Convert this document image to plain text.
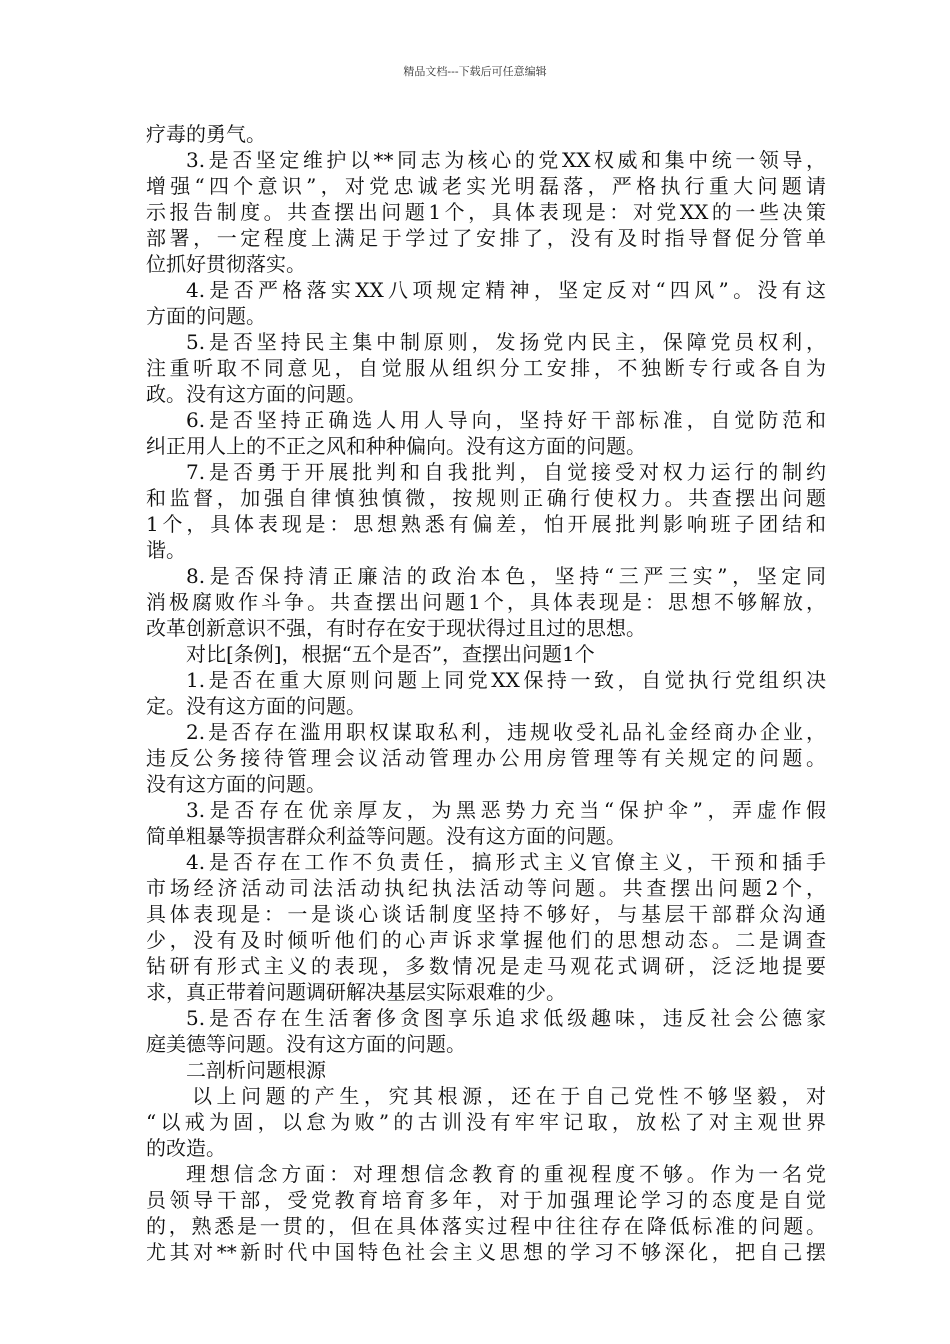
精品文档---下载后可任意编辑
疗毒的勇气。
3.是否坚定维护以**同志为核心的党XX权威和集中统一领导，
增强“四个意识”，对党忠诚老实光明磊落，严格执行重大问题请
示报告制度。共查摆出问题1个，具体表现是：对党XX的一些决策
部署，一定程度上满足于学过了安排了，没有及时指导督促分管单
位抓好贯彻落实。
4.是否严格落实XX八项规定精神，坚定反对“四风”。没有这
方面的问题。
5.是否坚持民主集中制原则，发扬党内民主，保障党员权利，
注重听取不同意见，自觉服从组织分工安排，不独断专行或各自为
政。没有这方面的问题。
6.是否坚持正确选人用人导向，坚持好干部标准，自觉防范和
纠正用人上的不正之风和种种偏向。没有这方面的问题。
7.是否勇于开展批判和自我批判，自觉接受对权力运行的制约
和监督，加强自律慎独慎微，按规则正确行使权力。共查摆出问题
1个，具体表现是：思想熟悉有偏差，怕开展批判影响班子团结和
谐。
8.是否保持清正廉洁的政治本色，坚持“三严三实”，坚定同
消极腐败作斗争。共查摆出问题1个，具体表现是：思想不够解放，
改革创新意识不强，有时存在安于现状得过且过的思想。
对比[条例]，根据“五个是否”，查摆出问题1个
1.是否在重大原则问题上同党XX保持一致，自觉执行党组织决
定。没有这方面的问题。
2.是否存在滥用职权谋取私利，违规收受礼品礼金经商办企业，
违反公务接待管理会议活动管理办公用房管理等有关规定的问题。
没有这方面的问题。
3.是否存在优亲厚友，为黑恶势力充当“保护伞”，弄虚作假
简单粗暴等损害群众利益等问题。没有这方面的问题。
4.是否存在工作不负责任，搞形式主义官僚主义，干预和插手
市场经济活动司法活动执纪执法活动等问题。共查摆出问题2个，
具体表现是：一是谈心谈话制度坚持不够好，与基层干部群众沟通
少，没有及时倾听他们的心声诉求掌握他们的思想动态。二是调查
钻研有形式主义的表现，多数情况是走马观花式调研，泛泛地提要
求，真正带着问题调研解决基层实际艰难的少。
5.是否存在生活奢侈贪图享乐追求低级趣味，违反社会公德家
庭美德等问题。没有这方面的问题。
二剖析问题根源
以上问题的产生，究其根源，还在于自己党性不够坚毅，对
“以戒为固，以怠为败”的古训没有牢牢记取，放松了对主观世界
的改造。
理想信念方面：对理想信念教育的重视程度不够。作为一名党
员领导干部，受党教育培育多年，对于加强理论学习的态度是自觉
的，熟悉是一贯的，但在具体落实过程中往往存在降低标准的问题。
尤其对**新时代中国特色社会主义思想的学习不够深化，把自己摆
